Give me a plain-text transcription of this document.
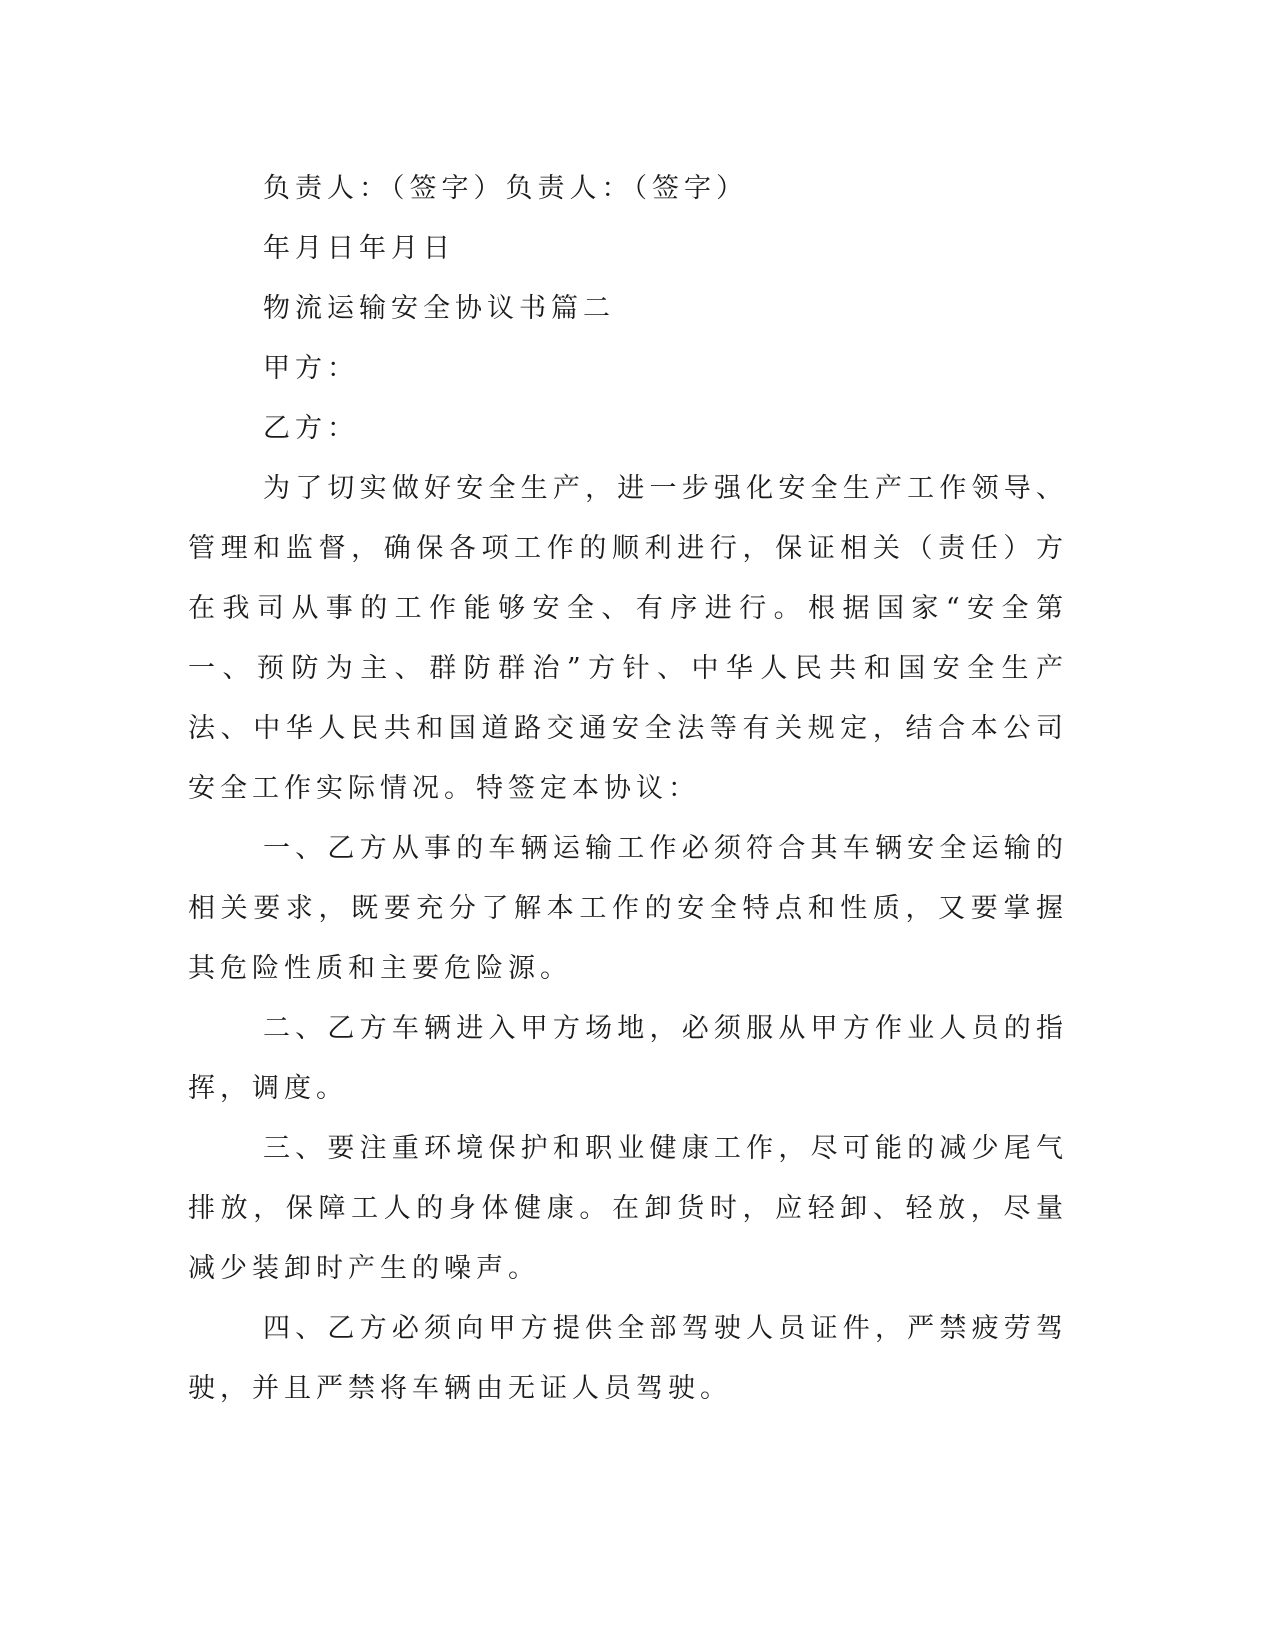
负责人：（签字）负责人：（签字）

年月日年月日

物流运输安全协议书篇二

甲方：

乙方：

为了切实做好安全生产，进一步强化安全生产工作领导、管理和监督，确保各项工作的顺利进行，保证相关（责任）方在我司从事的工作能够安全、有序进行。根据国家“安全第一、预防为主、群防群治”方针、中华人民共和国安全生产法、中华人民共和国道路交通安全法等有关规定，结合本公司安全工作实际情况。特签定本协议：

一、乙方从事的车辆运输工作必须符合其车辆安全运输的相关要求，既要充分了解本工作的安全特点和性质，又要掌握其危险性质和主要危险源。

二、乙方车辆进入甲方场地，必须服从甲方作业人员的指挥，调度。

三、要注重环境保护和职业健康工作，尽可能的减少尾气排放，保障工人的身体健康。在卸货时，应轻卸、轻放，尽量减少装卸时产生的噪声。

四、乙方必须向甲方提供全部驾驶人员证件，严禁疲劳驾驶，并且严禁将车辆由无证人员驾驶。
